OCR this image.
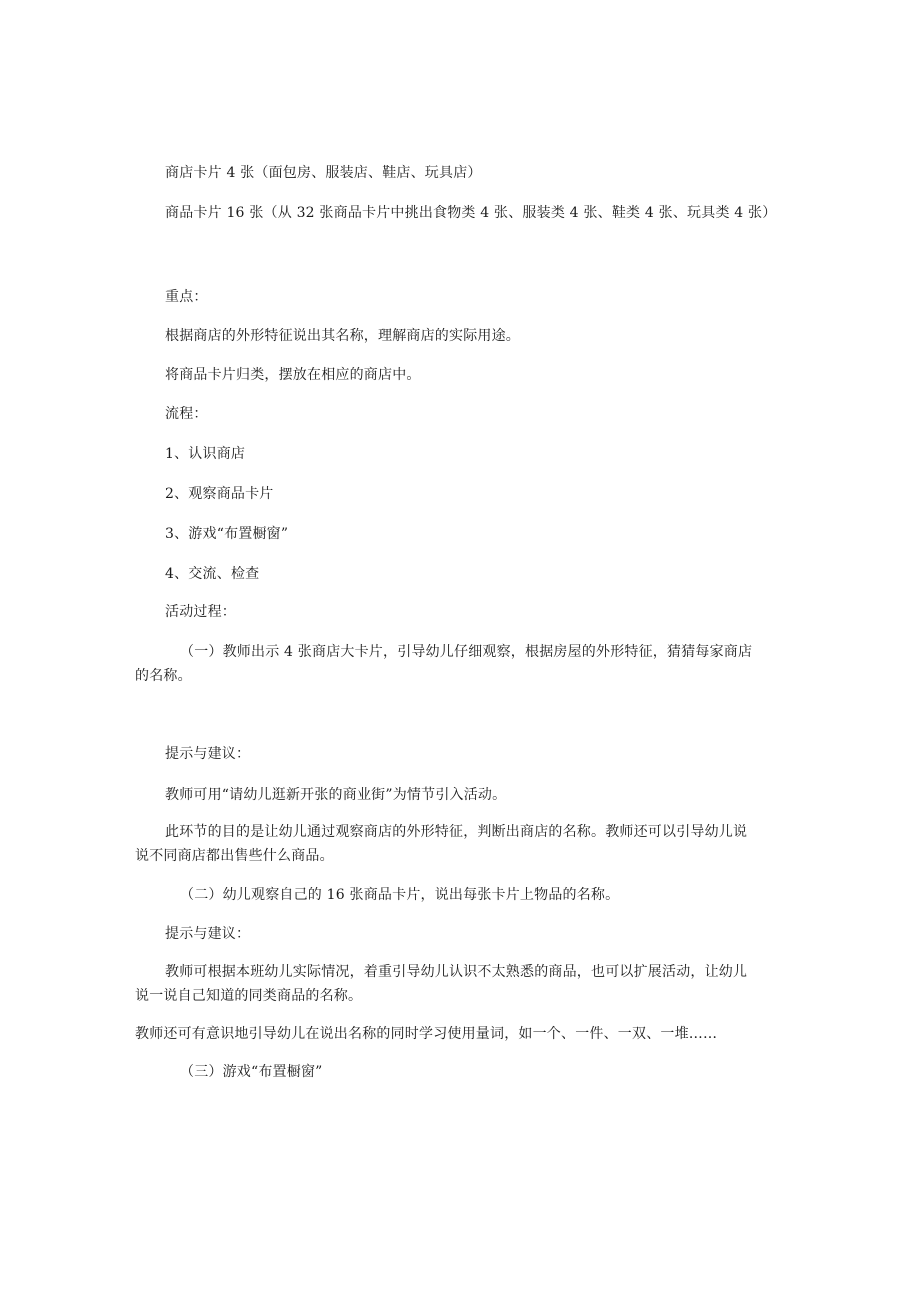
商店卡片 4 张（面包房、服装店、鞋店、玩具店）
商品卡片 16 张（从 32 张商品卡片中挑出食物类 4 张、服装类 4 张、鞋类 4 张、玩具类 4 张）
重点：
根据商店的外形特征说出其名称，理解商店的实际用途。
将商品卡片归类，摆放在相应的商店中。
流程：
1、认识商店
2、观察商品卡片
3、游戏“布置橱窗”
4、交流、检查
活动过程：
（一）教师出示 4 张商店大卡片，引导幼儿仔细观察，根据房屋的外形特征，猜猜每家商店的名称。
提示与建议：
教师可用“请幼儿逛新开张的商业街”为情节引入活动。
此环节的目的是让幼儿通过观察商店的外形特征，判断出商店的名称。教师还可以引导幼儿说说不同商店都出售些什么商品。
（二）幼儿观察自己的 16 张商品卡片，说出每张卡片上物品的名称。
提示与建议：
教师可根据本班幼儿实际情况，着重引导幼儿认识不太熟悉的商品，也可以扩展活动，让幼儿说一说自己知道的同类商品的名称。
教师还可有意识地引导幼儿在说出名称的同时学习使用量词，如一个、一件、一双、一堆……
（三）游戏“布置橱窗”
